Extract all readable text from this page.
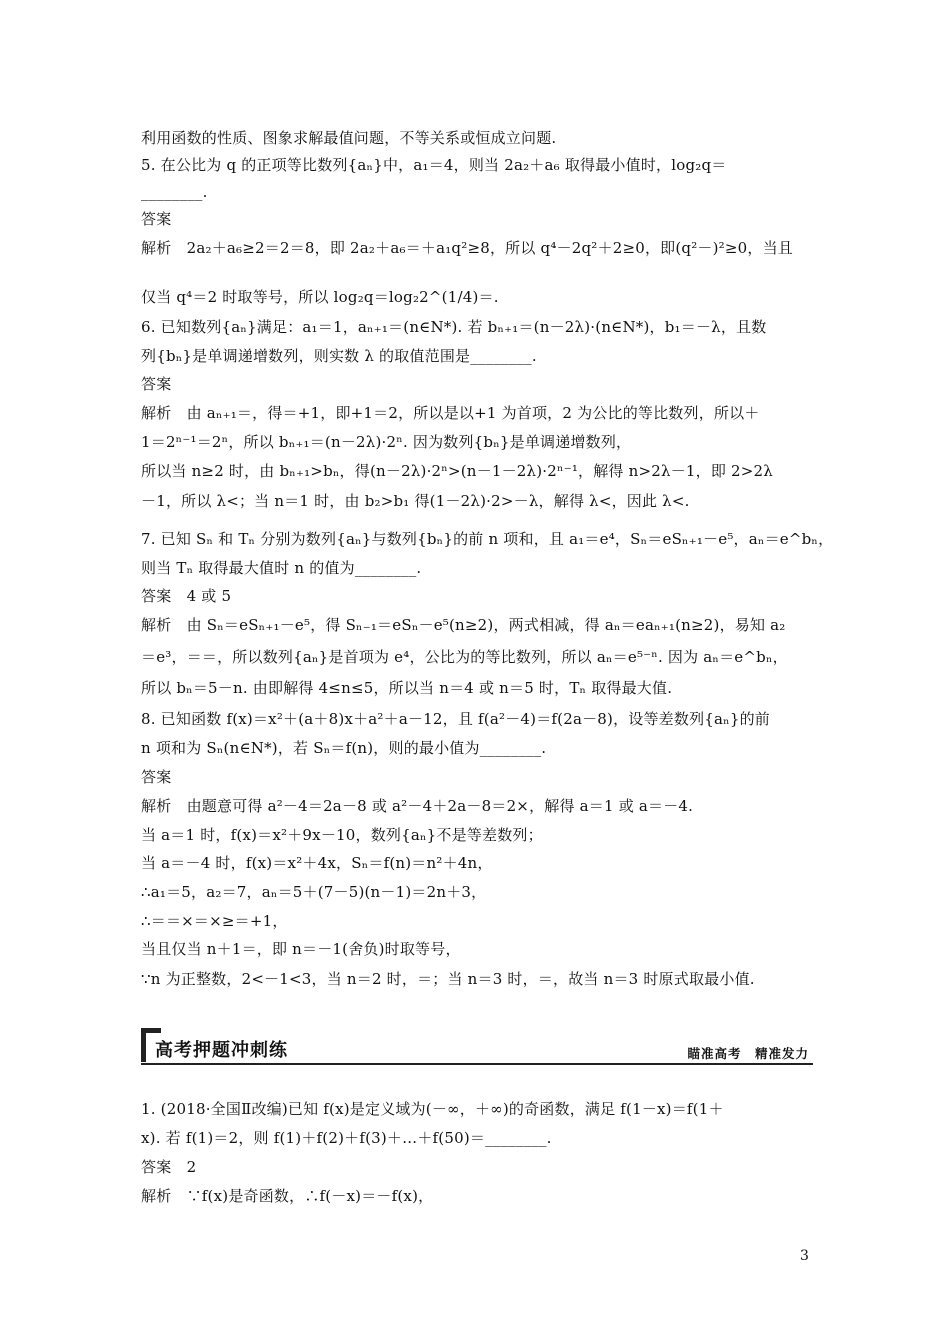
利用函数的性质、图象求解最值问题，不等关系或恒成立问题.
5. 在公比为 q 的正项等比数列{aₙ}中，a₁＝4，则当 2a₂＋a₆ 取得最小值时，log₂q＝
________.
答案
解析　2a₂＋a₆≥2＝2＝8，即 2a₂＋a₆＝＋a₁q²≥8，所以 q⁴－2q²＋2≥0，即(q²－)²≥0，当且
仅当 q⁴＝2 时取等号，所以 log₂q＝log₂2^(1/4)＝.
6. 已知数列{aₙ}满足：a₁＝1，aₙ₊₁＝(n∈N*). 若 bₙ₊₁＝(n－2λ)·(n∈N*)，b₁＝－λ，且数
列{bₙ}是单调递增数列，则实数 λ 的取值范围是________.
答案
解析　由 aₙ₊₁＝，得＝+1，即+1＝2，所以是以+1 为首项，2 为公比的等比数列，所以＋
1＝2ⁿ⁻¹＝2ⁿ，所以 bₙ₊₁＝(n－2λ)·2ⁿ. 因为数列{bₙ}是单调递增数列，
所以当 n≥2 时，由 bₙ₊₁>bₙ，得(n－2λ)·2ⁿ>(n－1－2λ)·2ⁿ⁻¹，解得 n>2λ－1，即 2>2λ
－1，所以 λ<；当 n＝1 时，由 b₂>b₁ 得(1－2λ)·2>－λ，解得 λ<，因此 λ<.
7. 已知 Sₙ 和 Tₙ 分别为数列{aₙ}与数列{bₙ}的前 n 项和，且 a₁＝e⁴，Sₙ＝eSₙ₊₁－e⁵，aₙ＝e^bₙ，
则当 Tₙ 取得最大值时 n 的值为________.
答案　4 或 5
解析　由 Sₙ＝eSₙ₊₁－e⁵，得 Sₙ₋₁＝eSₙ－e⁵(n≥2)，两式相减，得 aₙ＝eaₙ₊₁(n≥2)，易知 a₂
＝e³，＝＝，所以数列{aₙ}是首项为 e⁴，公比为的等比数列，所以 aₙ＝e⁵⁻ⁿ. 因为 aₙ＝e^bₙ，
所以 bₙ＝5－n. 由即解得 4≤n≤5，所以当 n＝4 或 n＝5 时，Tₙ 取得最大值.
8. 已知函数 f(x)＝x²＋(a＋8)x＋a²＋a－12，且 f(a²－4)＝f(2a－8)，设等差数列{aₙ}的前
n 项和为 Sₙ(n∈N*)，若 Sₙ＝f(n)，则的最小值为________.
答案
解析　由题意可得 a²－4＝2a－8 或 a²－4＋2a－8＝2×，解得 a＝1 或 a＝－4.
当 a＝1 时，f(x)＝x²＋9x－10，数列{aₙ}不是等差数列；
当 a＝－4 时，f(x)＝x²＋4x，Sₙ＝f(n)＝n²＋4n，
∴a₁＝5，a₂＝7，aₙ＝5＋(7－5)(n－1)＝2n＋3，
∴＝＝×＝×≥＝+1，
当且仅当 n＋1＝，即 n＝－1(舍负)时取等号，
∵n 为正整数，2<－1<3，当 n＝2 时，＝；当 n＝3 时，＝，故当 n＝3 时原式取最小值.
高考押题冲刺练	瞄准高考　精准发力
1. (2018·全国Ⅱ改编)已知 f(x)是定义域为(－∞，＋∞)的奇函数，满足 f(1－x)＝f(1＋
x). 若 f(1)＝2，则 f(1)＋f(2)＋f(3)＋…＋f(50)＝________.
答案　2
解析　∵f(x)是奇函数，∴f(－x)＝－f(x)，
3
